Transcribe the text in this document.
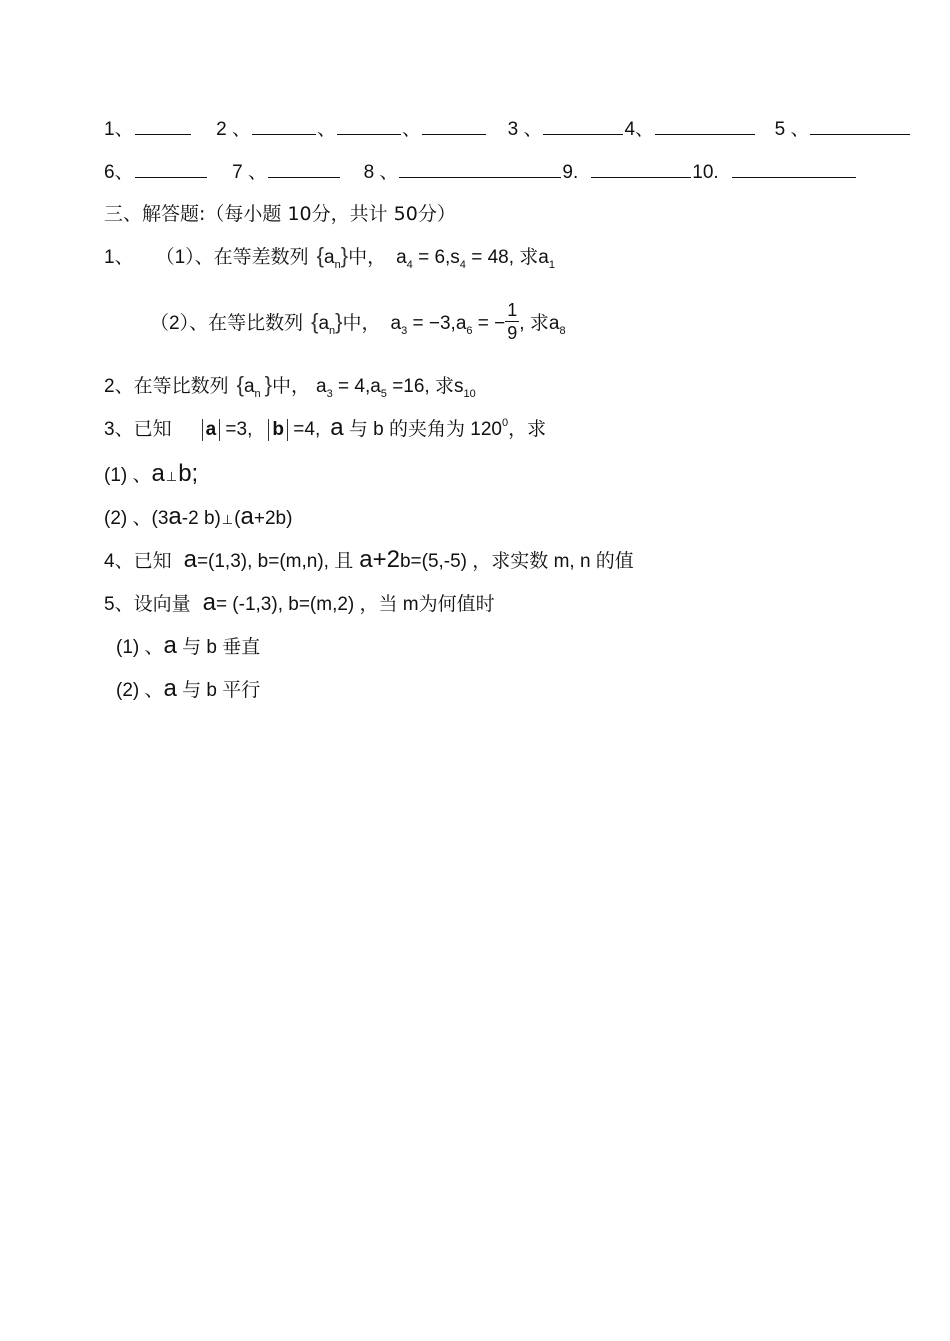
1、	2 、	、	、	3 、	4、	5 、
6、	7 、	8 、	9.	10.
三、解答题:（每小题 10分，共计 50分）
1、 （1）、在等差数列 $\{a_n\}$中， $a_4 = 6,s_4 = 48$, 求$a_1$
（2）、在等比数列 $\{a_n\}$中， $a_3 = -3,a_6$ = − $\frac{1}{9}$ , 求$a_8$
2、在等比数列 {$a_n$ }中， $a_3 = 4,a_5 =16$, 求$s_{10}$
3、已知 a =3, b =4, a 与 b 的夹角为 $120^0$，求
(1) 、a⊥b;
(2) 、(3a-2 b)⊥(a+2b)
4、已知 a=(1,3), b=(m,n), 且 a+2b=(5,-5) ，求实数 m, n 的值
5、设向量 a= (-1,3), b=(m,2) ，当 m为何值时
(1) 、a 与 b 垂直
(2) 、a 与 b 平行
